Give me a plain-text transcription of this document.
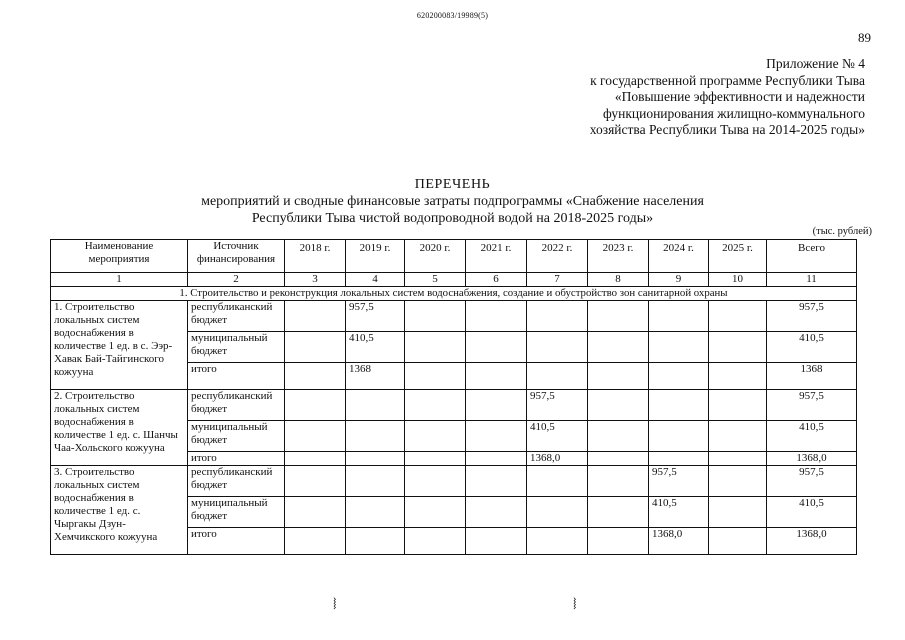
620200083/19989(5)
89
Приложение № 4
к государственной программе Республики Тыва
«Повышение эффективности и надежности
функционирования жилищно-коммунального
хозяйства Республики Тыва на 2014-2025 годы»
ПЕРЕЧЕНЬ
мероприятий и сводные финансовые затраты подпрограммы «Снабжение населения
Республики Тыва чистой водопроводной водой на 2018-2025 годы»
(тыс. рублей)
Наименование мероприятия	Источник финансирования	2018 г.	2019 г.	2020 г.	2021 г.	2022 г.	2023 г.	2024 г.	2025 г.	Всего
1	2	3	4	5	6	7	8	9	10	11
1. Строительство и реконструкция локальных систем водоснабжения, создание и обустройство зон санитарной охраны										
1. Строительство локальных систем водоснабжения в количестве 1 ед. в с. Ээр-Хавак Бай-Тайгинского кожууна	республиканский бюджет		957,5							957,5
	муниципальный бюджет		410,5							410,5
	итого		1368							1368
2. Строительство локальных систем водоснабжения в количестве 1 ед. с. Шанчы Чаа-Хольского кожууна	республиканский бюджет					957,5				957,5
	муниципальный бюджет					410,5				410,5
	итого					1368,0				1368,0
3. Строительство локальных систем водоснабжения в количестве 1 ед. с. Чыргакы Дзун-Хемчикского кожууна	республиканский бюджет							957,5		957,5
	муниципальный бюджет							410,5		410,5
	итого							1368,0		1368,0
⧘	⧘
